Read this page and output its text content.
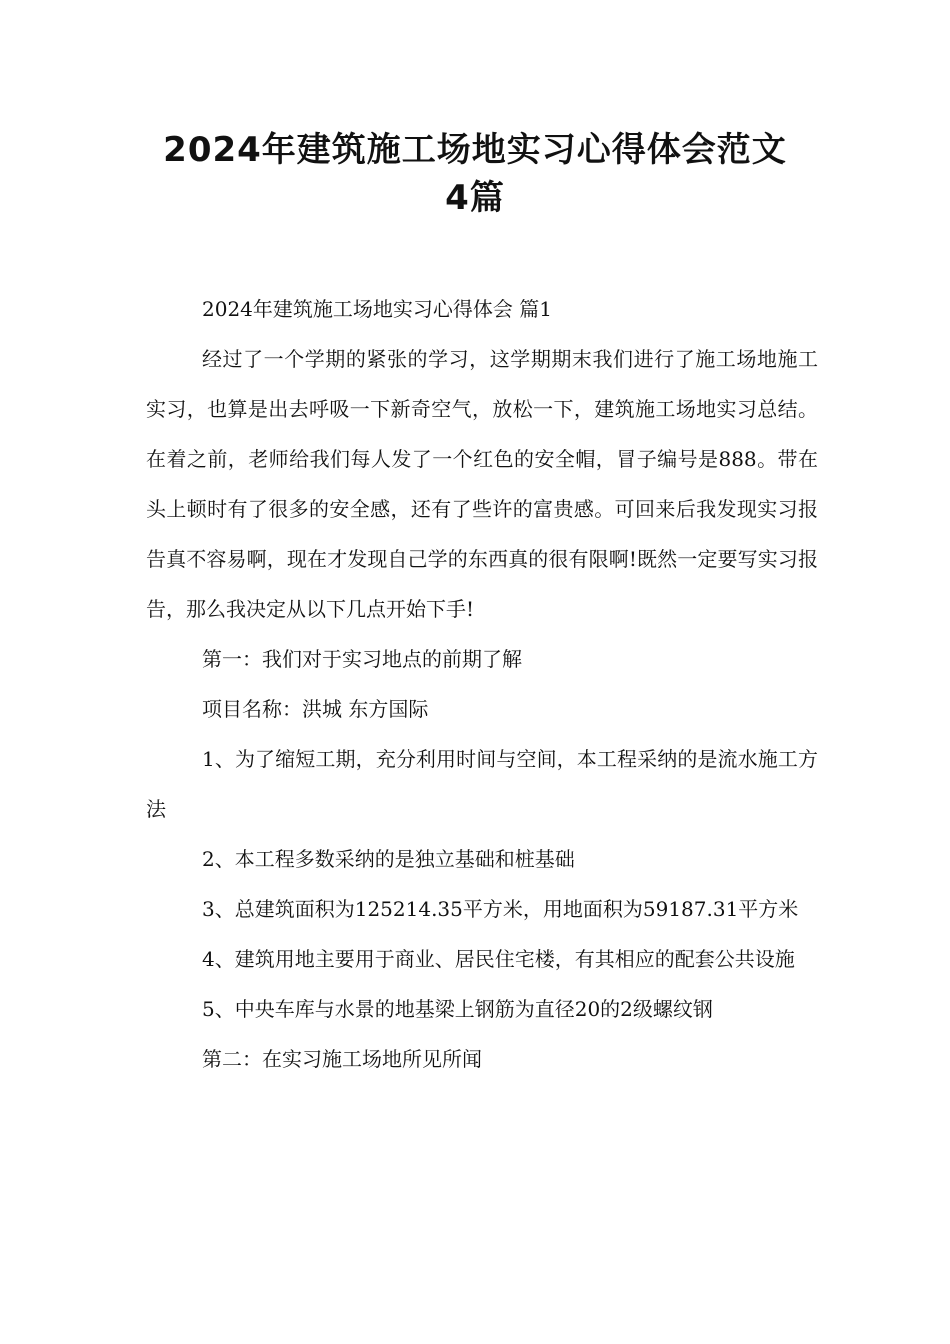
2024年建筑施工场地实习心得体会范文
4篇

2024年建筑施工场地实习心得体会 篇1

经过了一个学期的紧张的学习，这学期期末我们进行了施工场地施工实习，也算是出去呼吸一下新奇空气，放松一下，建筑施工场地实习总结。在着之前，老师给我们每人发了一个红色的安全帽，冒子编号是888。带在头上顿时有了很多的安全感，还有了些许的富贵感。可回来后我发现实习报告真不容易啊，现在才发现自己学的东西真的很有限啊!既然一定要写实习报告，那么我决定从以下几点开始下手!

第一：我们对于实习地点的前期了解

项目名称：洪城 东方国际

1、为了缩短工期，充分利用时间与空间，本工程采纳的是流水施工方法

2、本工程多数采纳的是独立基础和桩基础

3、总建筑面积为125214.35平方米，用地面积为59187.31平方米

4、建筑用地主要用于商业、居民住宅楼，有其相应的配套公共设施

5、中央车库与水景的地基梁上钢筋为直径20的2级螺纹钢

第二：在实习施工场地所见所闻
